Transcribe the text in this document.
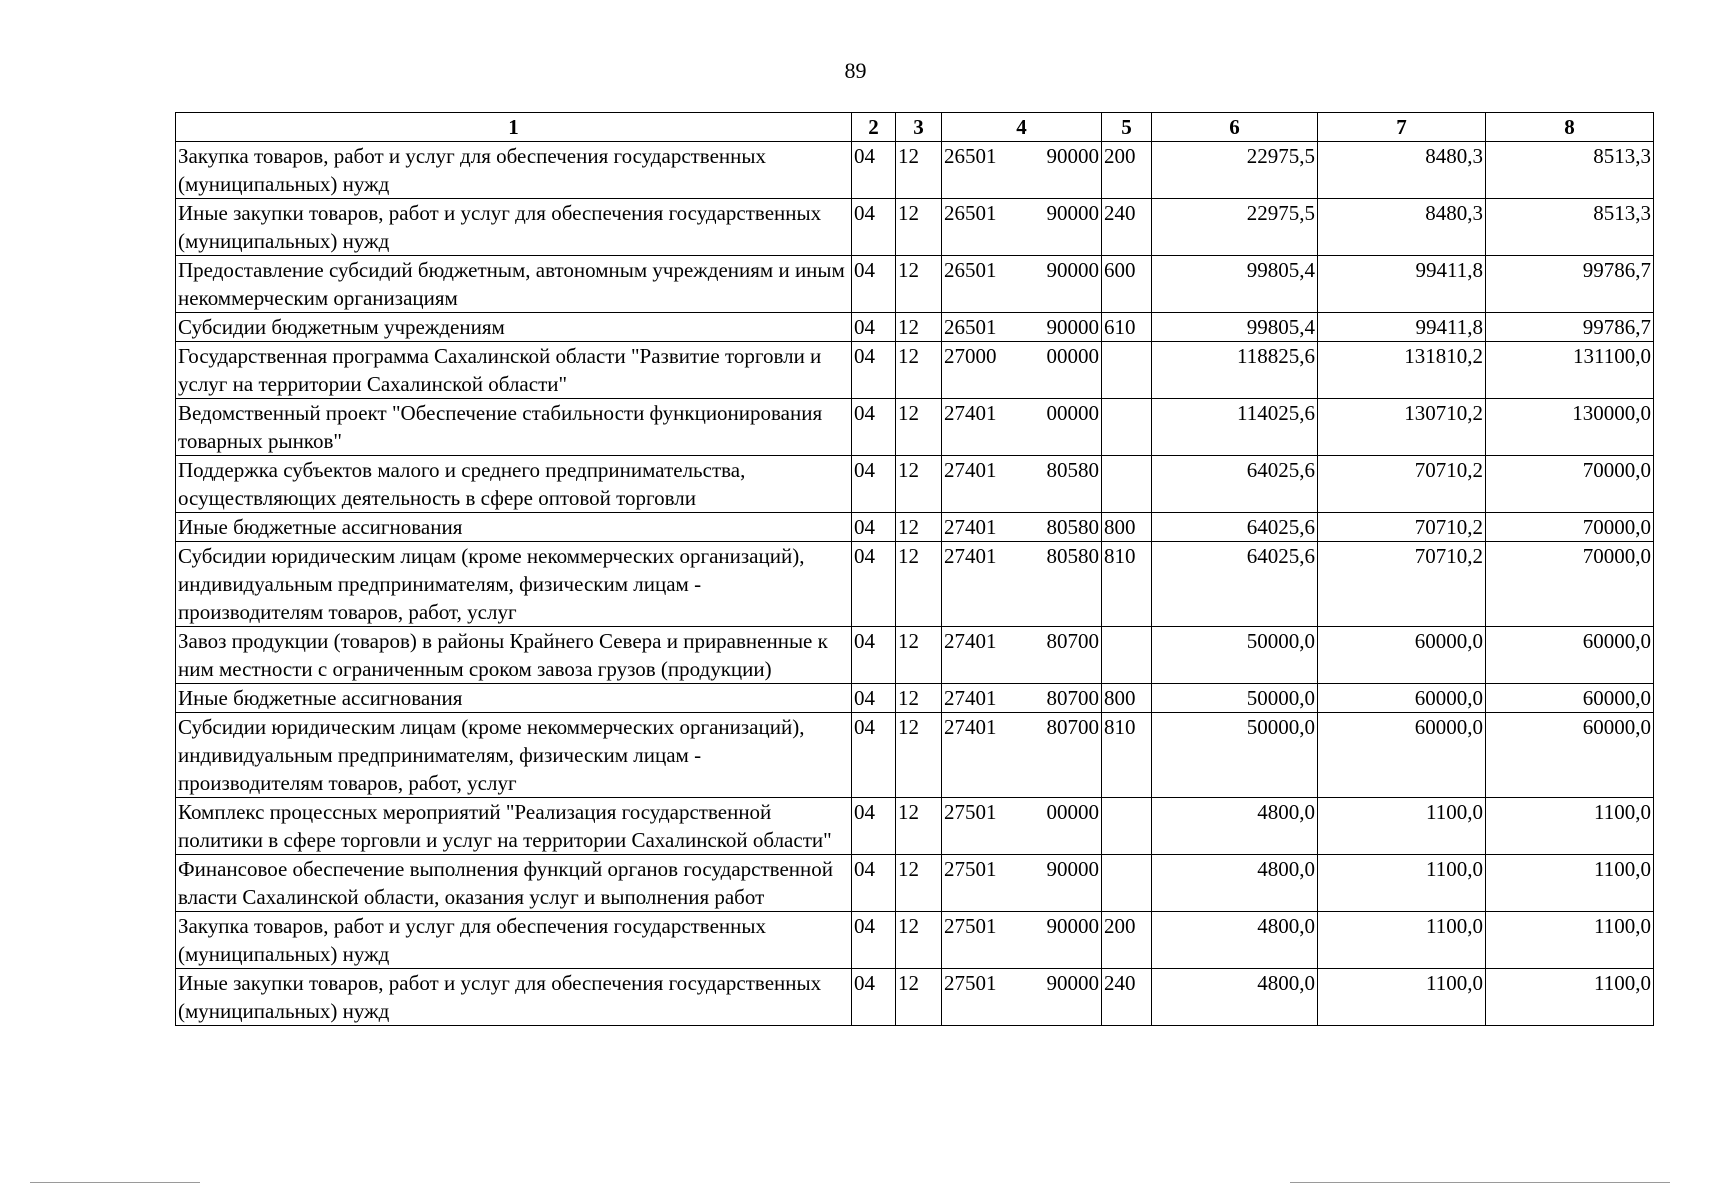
89
1	2	3	4	5	6	7	8
Закупка товаров, работ и услуг для обеспечения государственных (муниципальных) нужд	04	12	26501 90000	200	22975,5	8480,3	8513,3
Иные закупки товаров, работ и услуг для обеспечения государственных (муниципальных) нужд	04	12	26501 90000	240	22975,5	8480,3	8513,3
Предоставление субсидий бюджетным, автономным учреждениям и иным некоммерческим организациям	04	12	26501 90000	600	99805,4	99411,8	99786,7
Субсидии бюджетным учреждениям	04	12	26501 90000	610	99805,4	99411,8	99786,7
Государственная программа Сахалинской области "Развитие торговли и услуг на территории Сахалинской области"	04	12	27000 00000		118825,6	131810,2	131100,0
Ведомственный проект "Обеспечение стабильности функционирования товарных рынков"	04	12	27401 00000		114025,6	130710,2	130000,0
Поддержка субъектов малого и среднего предпринимательства, осуществляющих деятельность в сфере оптовой торговли	04	12	27401 80580		64025,6	70710,2	70000,0
Иные бюджетные ассигнования	04	12	27401 80580	800	64025,6	70710,2	70000,0
Субсидии юридическим лицам (кроме некоммерческих организаций), индивидуальным предпринимателям, физическим лицам - производителям товаров, работ, услуг	04	12	27401 80580	810	64025,6	70710,2	70000,0
Завоз продукции (товаров) в районы Крайнего Севера и приравненные к ним местности с ограниченным сроком завоза грузов (продукции)	04	12	27401 80700		50000,0	60000,0	60000,0
Иные бюджетные ассигнования	04	12	27401 80700	800	50000,0	60000,0	60000,0
Субсидии юридическим лицам (кроме некоммерческих организаций), индивидуальным предпринимателям, физическим лицам - производителям товаров, работ, услуг	04	12	27401 80700	810	50000,0	60000,0	60000,0
Комплекс процессных мероприятий "Реализация государственной политики в сфере торговли и услуг на территории Сахалинской области"	04	12	27501 00000		4800,0	1100,0	1100,0
Финансовое обеспечение выполнения функций органов государственной власти Сахалинской области, оказания услуг и выполнения работ	04	12	27501 90000		4800,0	1100,0	1100,0
Закупка товаров, работ и услуг для обеспечения государственных (муниципальных) нужд	04	12	27501 90000	200	4800,0	1100,0	1100,0
Иные закупки товаров, работ и услуг для обеспечения государственных (муниципальных) нужд	04	12	27501 90000	240	4800,0	1100,0	1100,0
